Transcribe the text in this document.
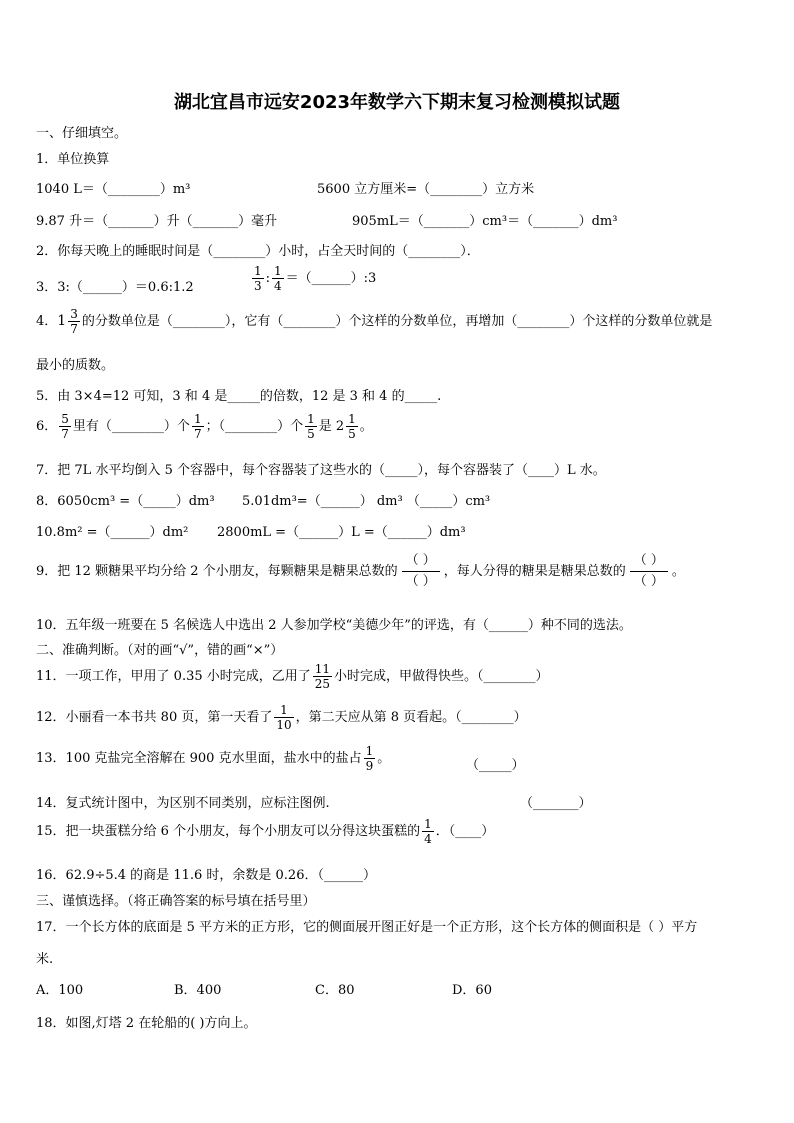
湖北宜昌市远安2023年数学六下期末复习检测模拟试题
一、仔细填空。
1．单位换算
1040 L＝（________）m³	5600 立方厘米=（________）立方米
9.87 升＝（_______）升（_______）毫升	905mL＝（_______）cm³＝（_______）dm³
2．你每天晚上的睡眠时间是（________）小时，占全天时间的（________）．
3．3:（______）＝0.6:1.2	$\frac{1}{3}$ : $\frac{1}{4}$ ＝（______）:3
4．$1 \frac{3}{7}$ 的分数单位是（________），它有（________）个这样的分数单位，再增加（________）个这样的分数单位就是
最小的质数。
5．由 3×4=12 可知，3 和 4 是_____的倍数，12 是 3 和 4 的_____.
6． $\frac{5}{7}$ 里有（________）个 $\frac{1}{7}$ ；（________）个 $\frac{1}{5}$ 是 $2 \frac{1}{5}$ 。
7．把 7L 水平均倒入 5 个容器中，每个容器装了这些水的（_____），每个容器装了（____）L 水。
8．6050cm³ =（_____）dm³ 5.01dm³=（______） dm³ （_____）cm³
10.8m² =（______）dm² 2800mL =（______）L =（______）dm³
9．把 12 颗糖果平均分给 2 个小朋友，每颗糖果是糖果总数的
（ ）
（ ）
，每人分得的糖果是糖果总数的
（ ）
（ ）
。
10．五年级一班要在 5 名候选人中选出 2 人参加学校“美德少年”的评选，有（______）种不同的选法。
二、准确判断。（对的画“√”，错的画“×”）
11．一项工作，甲用了 0.35 小时完成，乙用了 $\frac{11}{25}$ 小时完成，甲做得快些。（________）
12．小丽看一本书共 80 页，第一天看了 $\frac{1}{10}$ ，第二天应从第 8 页看起。（________）
13．100 克盐完全溶解在 900 克水里面，盐水中的盐占 $\frac{1}{9}$ 。	（_____）
14．复式统计图中，为区别不同类别，应标注图例.	（_______）
15．把一块蛋糕分给 6 个小朋友，每个小朋友可以分得这块蛋糕的 $\frac{1}{4}$ ．（____）
16．62.9÷5.4 的商是 11.6 时，余数是 0.26．（______）
三、谨慎选择。（将正确答案的标号填在括号里）
17．一个长方体的底面是 5 平方米的正方形，它的侧面展开图正好是一个正方形，这个长方体的侧面积是（ ）平方
米.
A．100	B．400	C．80	D．60
18．如图,灯塔 2 在轮船的( )方向上。
